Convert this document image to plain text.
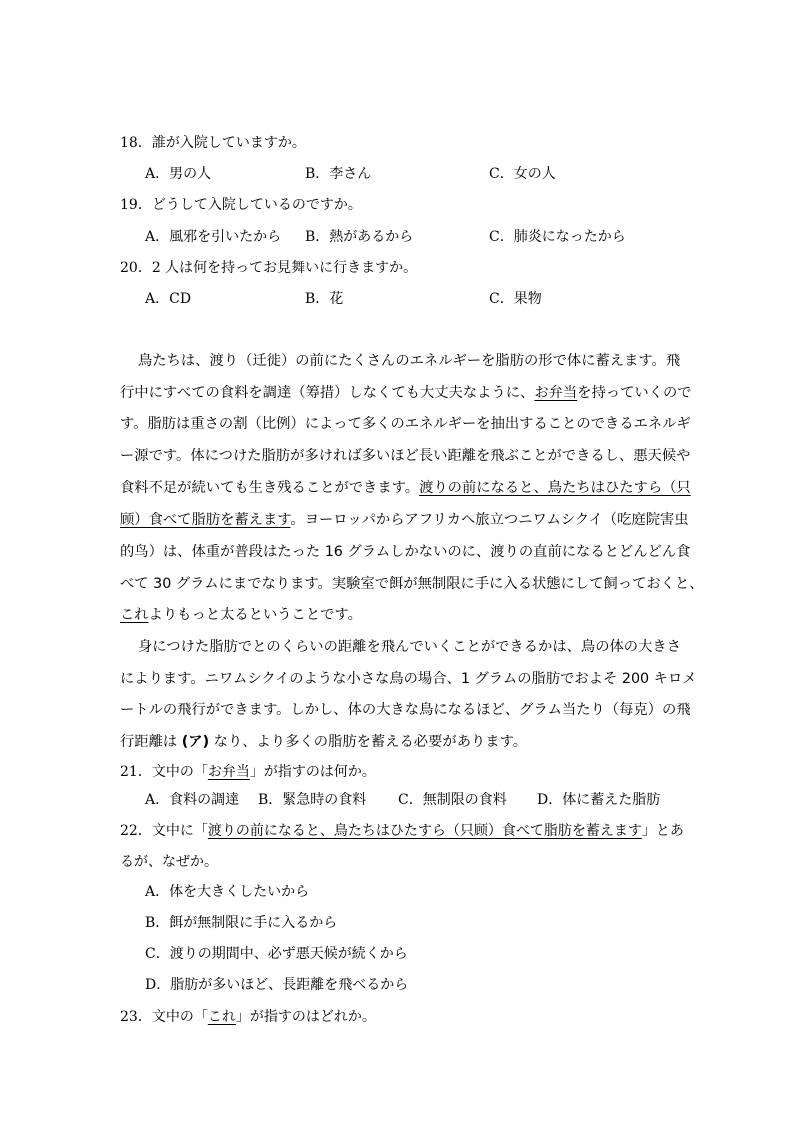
18．誰が入院していますか。
A．男の人	B．李さん	C．女の人
19．どうして入院しているのですか。
A．風邪を引いたから B．熱があるから	C．肺炎になったから
20．2 人は何を持ってお見舞いに行きますか。
A．CD	B．花	C．果物
鳥たちは、渡り（迁徙）の前にたくさんのエネルギーを脂肪の形で体に蓄えます。飛
行中にすべての食料を調達（筹措）しなくても大丈夫なように、お弁当を持っていくので
す。脂肪は重さの割（比例）によって多くのエネルギーを抽出することのできるエネルギ
ー源です。体につけた脂肪が多ければ多いほど長い距離を飛ぶことができるし、悪天候や
食料不足が続いても生き残ることができます。渡りの前になると、鳥たちはひたすら（只
顾）食べて脂肪を蓄えます。ヨーロッパからアフリカへ旅立つニワムシクイ（吃庭院害虫
的鸟）は、体重が普段はたった 16 グラムしかないのに、渡りの直前になるとどんどん食
べて 30 グラムにまでなります。実験室で餌が無制限に手に入る状態にして飼っておくと、
これよりもっと太るということです。
身につけた脂肪でとのくらいの距離を飛んでいくことができるかは、鳥の体の大きさ
によります。ニワムシクイのような小さな鳥の場合、1 グラムの脂肪でおよそ 200 キロメ
ートルの飛行ができます。しかし、体の大きな鳥になるほど、グラム当たり（每克）の飛
行距離は (ア) なり、より多くの脂肪を蓄える必要があります。
21．文中の「お弁当」が指すのは何か。
A．食料の調達 B．緊急時の食料 C．無制限の食料 D．体に蓄えた脂肪
22．文中に「渡りの前になると、鳥たちはひたすら（只顾）食べて脂肪を蓄えます」とあ
るが、なぜか。
A．体を大きくしたいから
B．餌が無制限に手に入るから
C．渡りの期間中、必ず悪天候が続くから
D．脂肪が多いほど、長距離を飛べるから
23．文中の「これ」が指すのはどれか。
